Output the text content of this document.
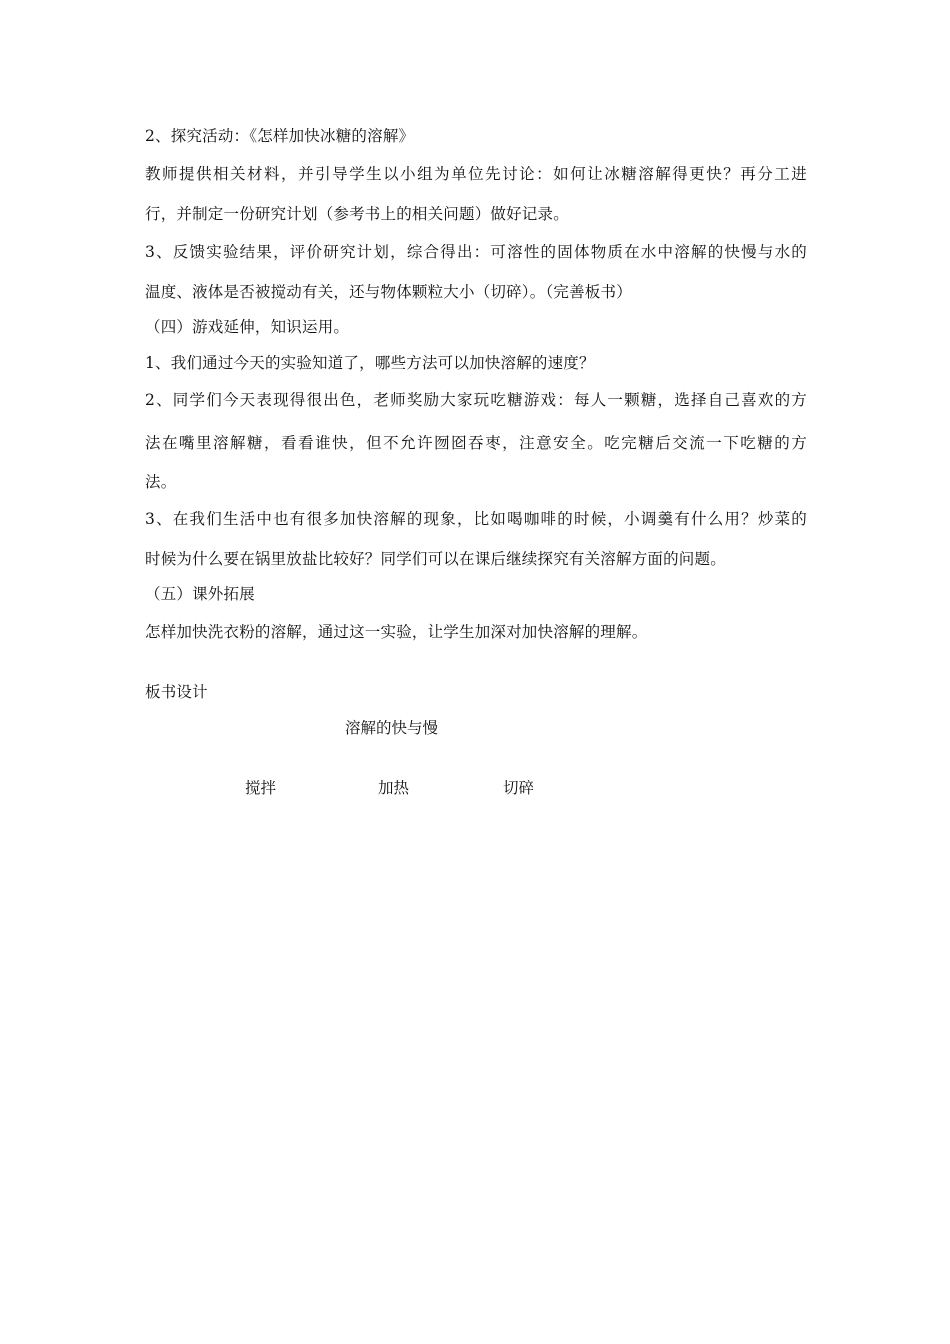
2、探究活动：《怎样加快冰糖的溶解》
教师提供相关材料，并引导学生以小组为单位先讨论：如何让冰糖溶解得更快？再分工进
行，并制定一份研究计划（参考书上的相关问题）做好记录。
3、反馈实验结果，评价研究计划，综合得出：可溶性的固体物质在水中溶解的快慢与水的
温度、液体是否被搅动有关，还与物体颗粒大小（切碎）。（完善板书）
（四）游戏延伸，知识运用。
1、我们通过今天的实验知道了，哪些方法可以加快溶解的速度？
2、同学们今天表现得很出色，老师奖励大家玩吃糖游戏：每人一颗糖，选择自己喜欢的方
法在嘴里溶解糖，看看谁快，但不允许囫囵吞枣，注意安全。吃完糖后交流一下吃糖的方
法。
3、在我们生活中也有很多加快溶解的现象，比如喝咖啡的时候，小调羹有什么用？炒菜的
时候为什么要在锅里放盐比较好？同学们可以在课后继续探究有关溶解方面的问题。
（五）课外拓展
怎样加快洗衣粉的溶解，通过这一实验，让学生加深对加快溶解的理解。
板书设计
溶解的快与慢
搅拌	加热	切碎
